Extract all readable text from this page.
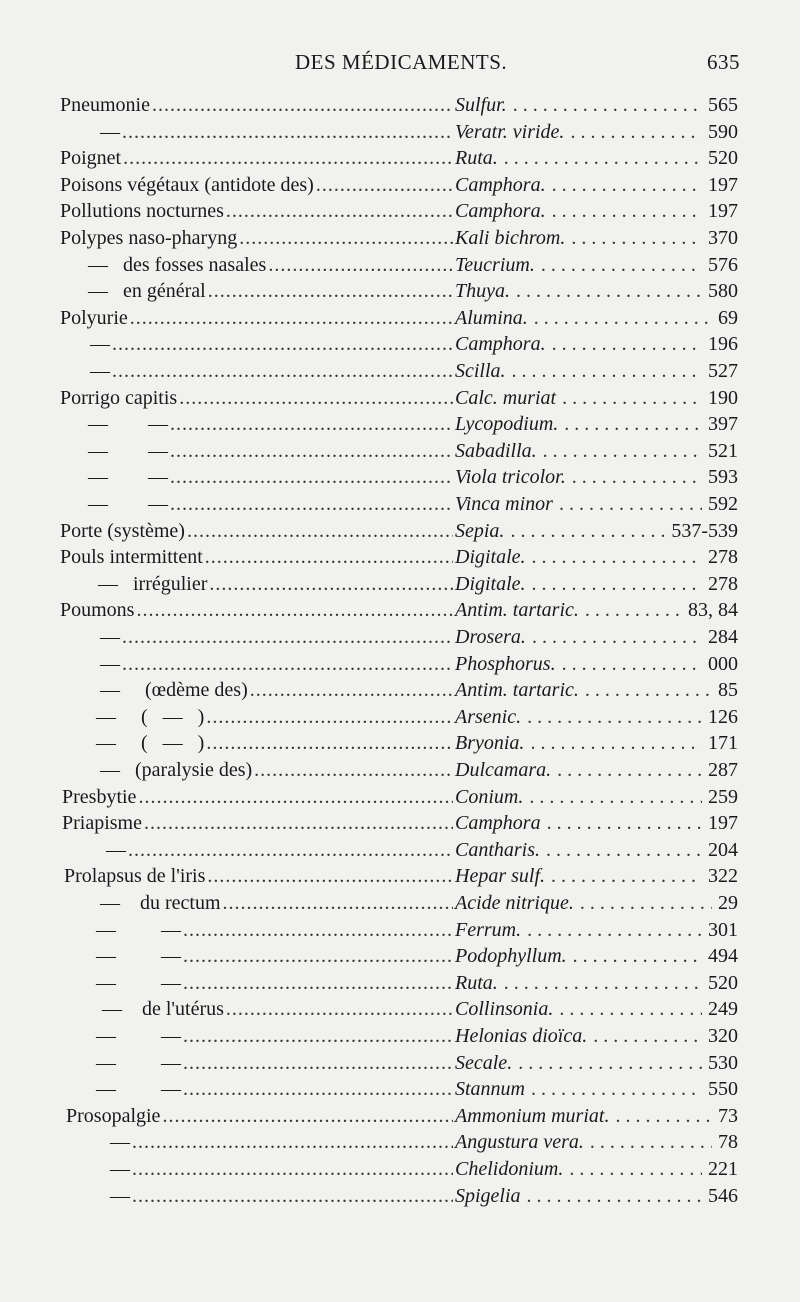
DES MÉDICAMENTS.	635
Pneumonie	Sulfur.	565
.....
. . .
—	Veratr. viride.	590
.....
. . .
Poignet	Ruta.	520
.....
. . .
Poisons végétaux (antidote des)	Camphora.	197
.....
. . .
Pollutions nocturnes	Camphora.	197
.....
. . .
Polypes naso-pharyng	Kali bichrom.	370
.....
. . .
—   des fosses nasales	Teucrium.	576
.....
. . .
—   en général	Thuya.	580
.....
. . .
Polyurie	Alumina.	69
.....
. . .
—	Camphora.	196
.....
. . .
—	Scilla.	527
.....
. . .
Porrigo capitis	Calc. muriat	190
.....
. . .
—        —	Lycopodium.	397
.....
. . .
—        —	Sabadilla.	521
.....
. . .
—        —	Viola tricolor.	593
.....
. . .
—        —	Vinca minor	592
.....
. . .
Porte (système)	Sepia.	537-539
.....
. . .
Pouls intermittent	Digitale.	278
.....
. . .
—   irrégulier	Digitale.	278
.....
. . .
Poumons	Antim. tartaric.	83, 84
.....
. . .
—	Drosera.	284
.....
. . .
—	Phosphorus.	000
.....
. . .
—     (œdème des)	Antim. tartaric.	85
.....
. . .
—     (   —   )	Arsenic.	126
.....
. . .
—     (   —   )	Bryonia.	171
.....
. . .
—   (paralysie des)	Dulcamara.	287
.....
. . .
Presbytie	Conium.	259
.....
. . .
Priapisme	Camphora	197
.....
. . .
—	Cantharis.	204
.....
. . .
Prolapsus de l'iris	Hepar sulf.	322
.....
. . .
—    du rectum	Acide nitrique.	29
.....
. . .
—         —	Ferrum.	301
.....
. . .
—         —	Podophyllum.	494
.....
. . .
—         —	Ruta.	520
.....
. . .
—    de l'utérus	Collinsonia.	249
.....
. . .
—         —	Helonias dioïca.	320
.....
. . .
—         —	Secale.	530
.....
. . .
—         —	Stannum	550
.....
. . .
Prosopalgie	Ammonium muriat.	73
.....
. . .
—	Angustura vera.	78
.....
. . .
—	Chelidonium.	221
.....
. . .
—	Spigelia	546
.....
. . .
